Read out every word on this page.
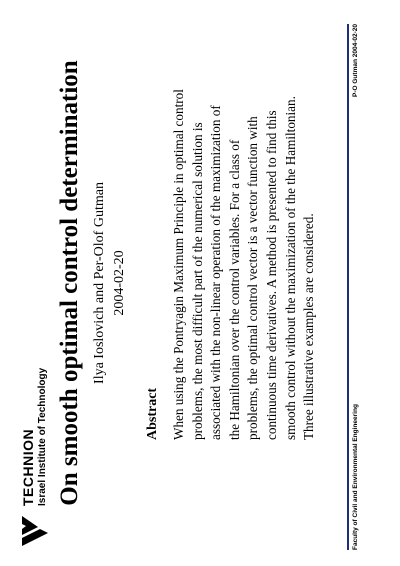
TECHNION Israel Institute of Technology On smooth optimal control determination Ilya Ioslovich and Per-Olof Gutman 2004-02-20
Abstract When using the Pontryagin Maximum Principle in optimal control problems, the most difficult part of the numerical solution is associated with the non-linear operation of the maximization of the Hamiltonian over the control variables. For a class of problems, the optimal control vector is a vector function with continuous time derivatives. A method is presented to find this smooth control without the maximization of the the Hamiltonian. Three illustrative examples are considered.
Faculty of Civil and Environmental Engineering
P-O Gutman 2004-02-20
